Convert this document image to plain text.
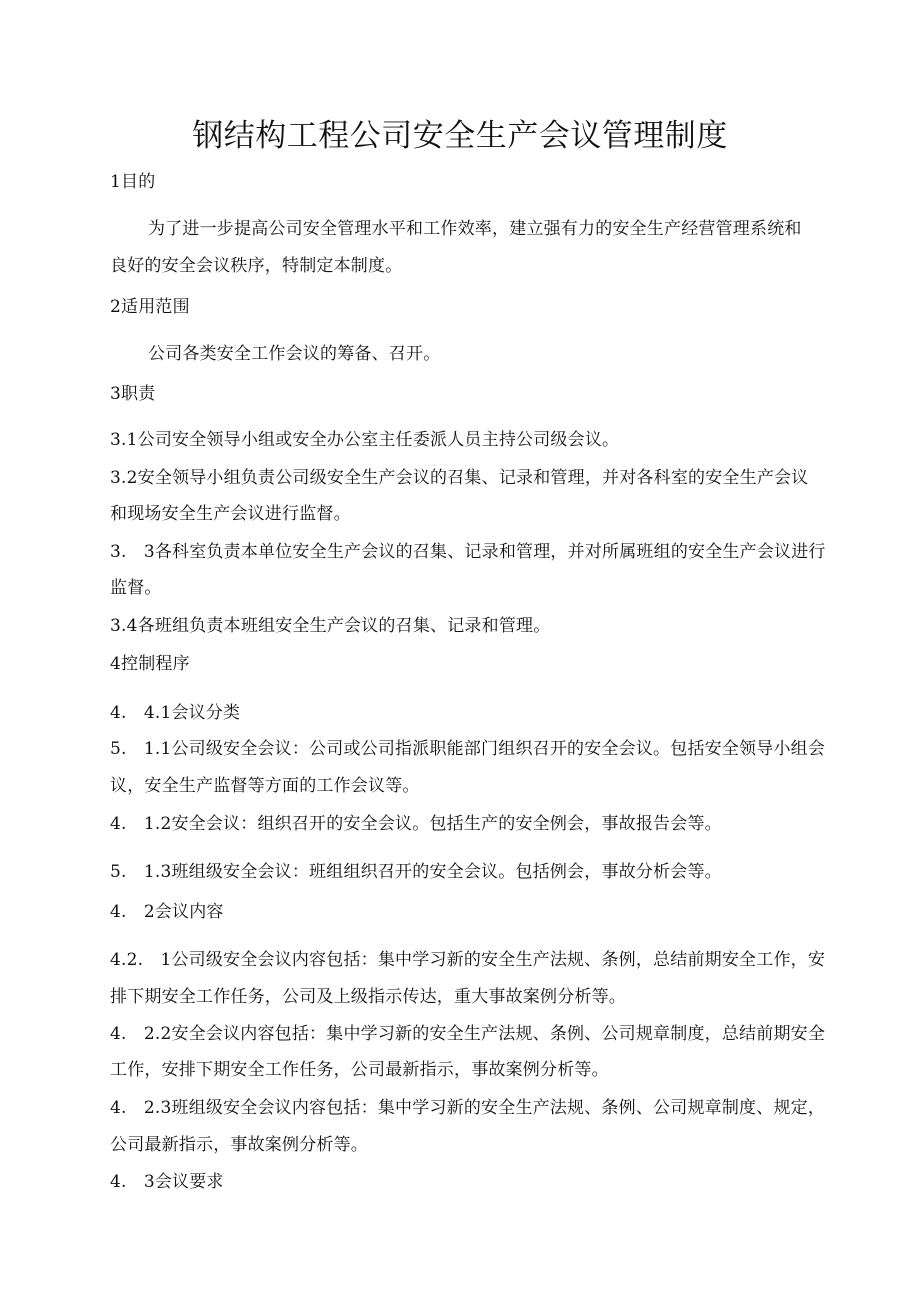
钢结构工程公司安全生产会议管理制度
1目的
为了进一步提高公司安全管理水平和工作效率，建立强有力的安全生产经营管理系统和
良好的安全会议秩序，特制定本制度。
2适用范围
公司各类安全工作会议的筹备、召开。
3职责
3.1公司安全领导小组或安全办公室主任委派人员主持公司级会议。
3.2安全领导小组负责公司级安全生产会议的召集、记录和管理，并对各科室的安全生产会议
和现场安全生产会议进行监督。
3.　3各科室负责本单位安全生产会议的召集、记录和管理，并对所属班组的安全生产会议进行
监督。
3.4各班组负责本班组安全生产会议的召集、记录和管理。
4控制程序
4.　4.1会议分类
5.　1.1公司级安全会议：公司或公司指派职能部门组织召开的安全会议。包括安全领导小组会
议，安全生产监督等方面的工作会议等。
4.　1.2安全会议：组织召开的安全会议。包括生产的安全例会，事故报告会等。
5.　1.3班组级安全会议：班组组织召开的安全会议。包括例会，事故分析会等。
4.　2会议内容
4.2.　1公司级安全会议内容包括：集中学习新的安全生产法规、条例，总结前期安全工作，安
排下期安全工作任务，公司及上级指示传达，重大事故案例分析等。
4.　2.2安全会议内容包括：集中学习新的安全生产法规、条例、公司规章制度，总结前期安全
工作，安排下期安全工作任务，公司最新指示，事故案例分析等。
4.　2.3班组级安全会议内容包括：集中学习新的安全生产法规、条例、公司规章制度、规定，
公司最新指示，事故案例分析等。
4.　3会议要求
